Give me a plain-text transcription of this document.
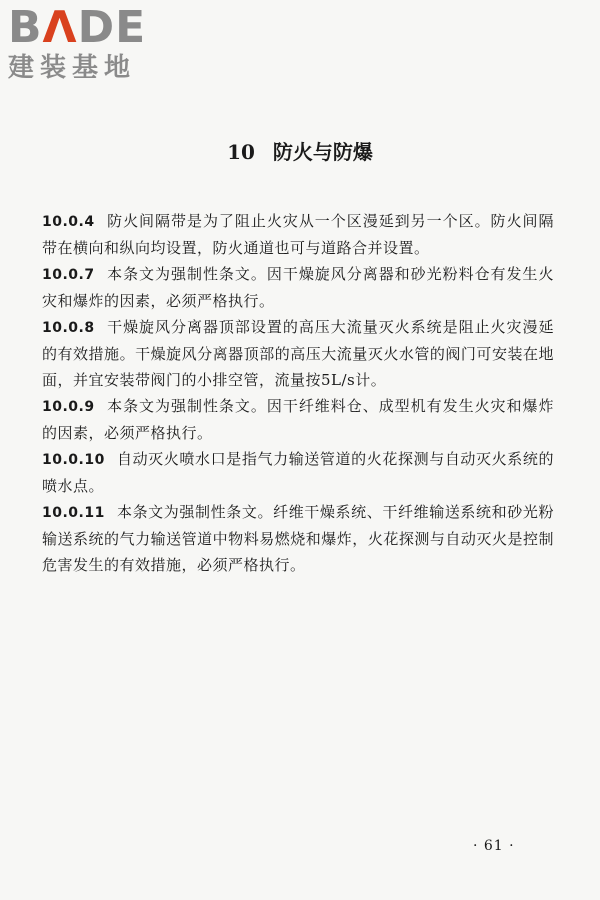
BΛDE
建装基地
10 防火与防爆

10.0.4 防火间隔带是为了阻止火灾从一个区漫延到另一个区。防火间隔带在横向和纵向均设置，防火通道也可与道路合并设置。

10.0.7 本条文为强制性条文。因干燥旋风分离器和砂光粉料仓有发生火灾和爆炸的因素，必须严格执行。

10.0.8 干燥旋风分离器顶部设置的高压大流量灭火系统是阻止火灾漫延的有效措施。干燥旋风分离器顶部的高压大流量灭火水管的阀门可安装在地面，并宜安装带阀门的小排空管，流量按5L/s计。

10.0.9 本条文为强制性条文。因干纤维料仓、成型机有发生火灾和爆炸的因素，必须严格执行。

10.0.10 自动灭火喷水口是指气力输送管道的火花探测与自动灭火系统的喷水点。

10.0.11 本条文为强制性条文。纤维干燥系统、干纤维输送系统和砂光粉输送系统的气力输送管道中物料易燃烧和爆炸，火花探测与自动灭火是控制危害发生的有效措施，必须严格执行。

· 61 ·
